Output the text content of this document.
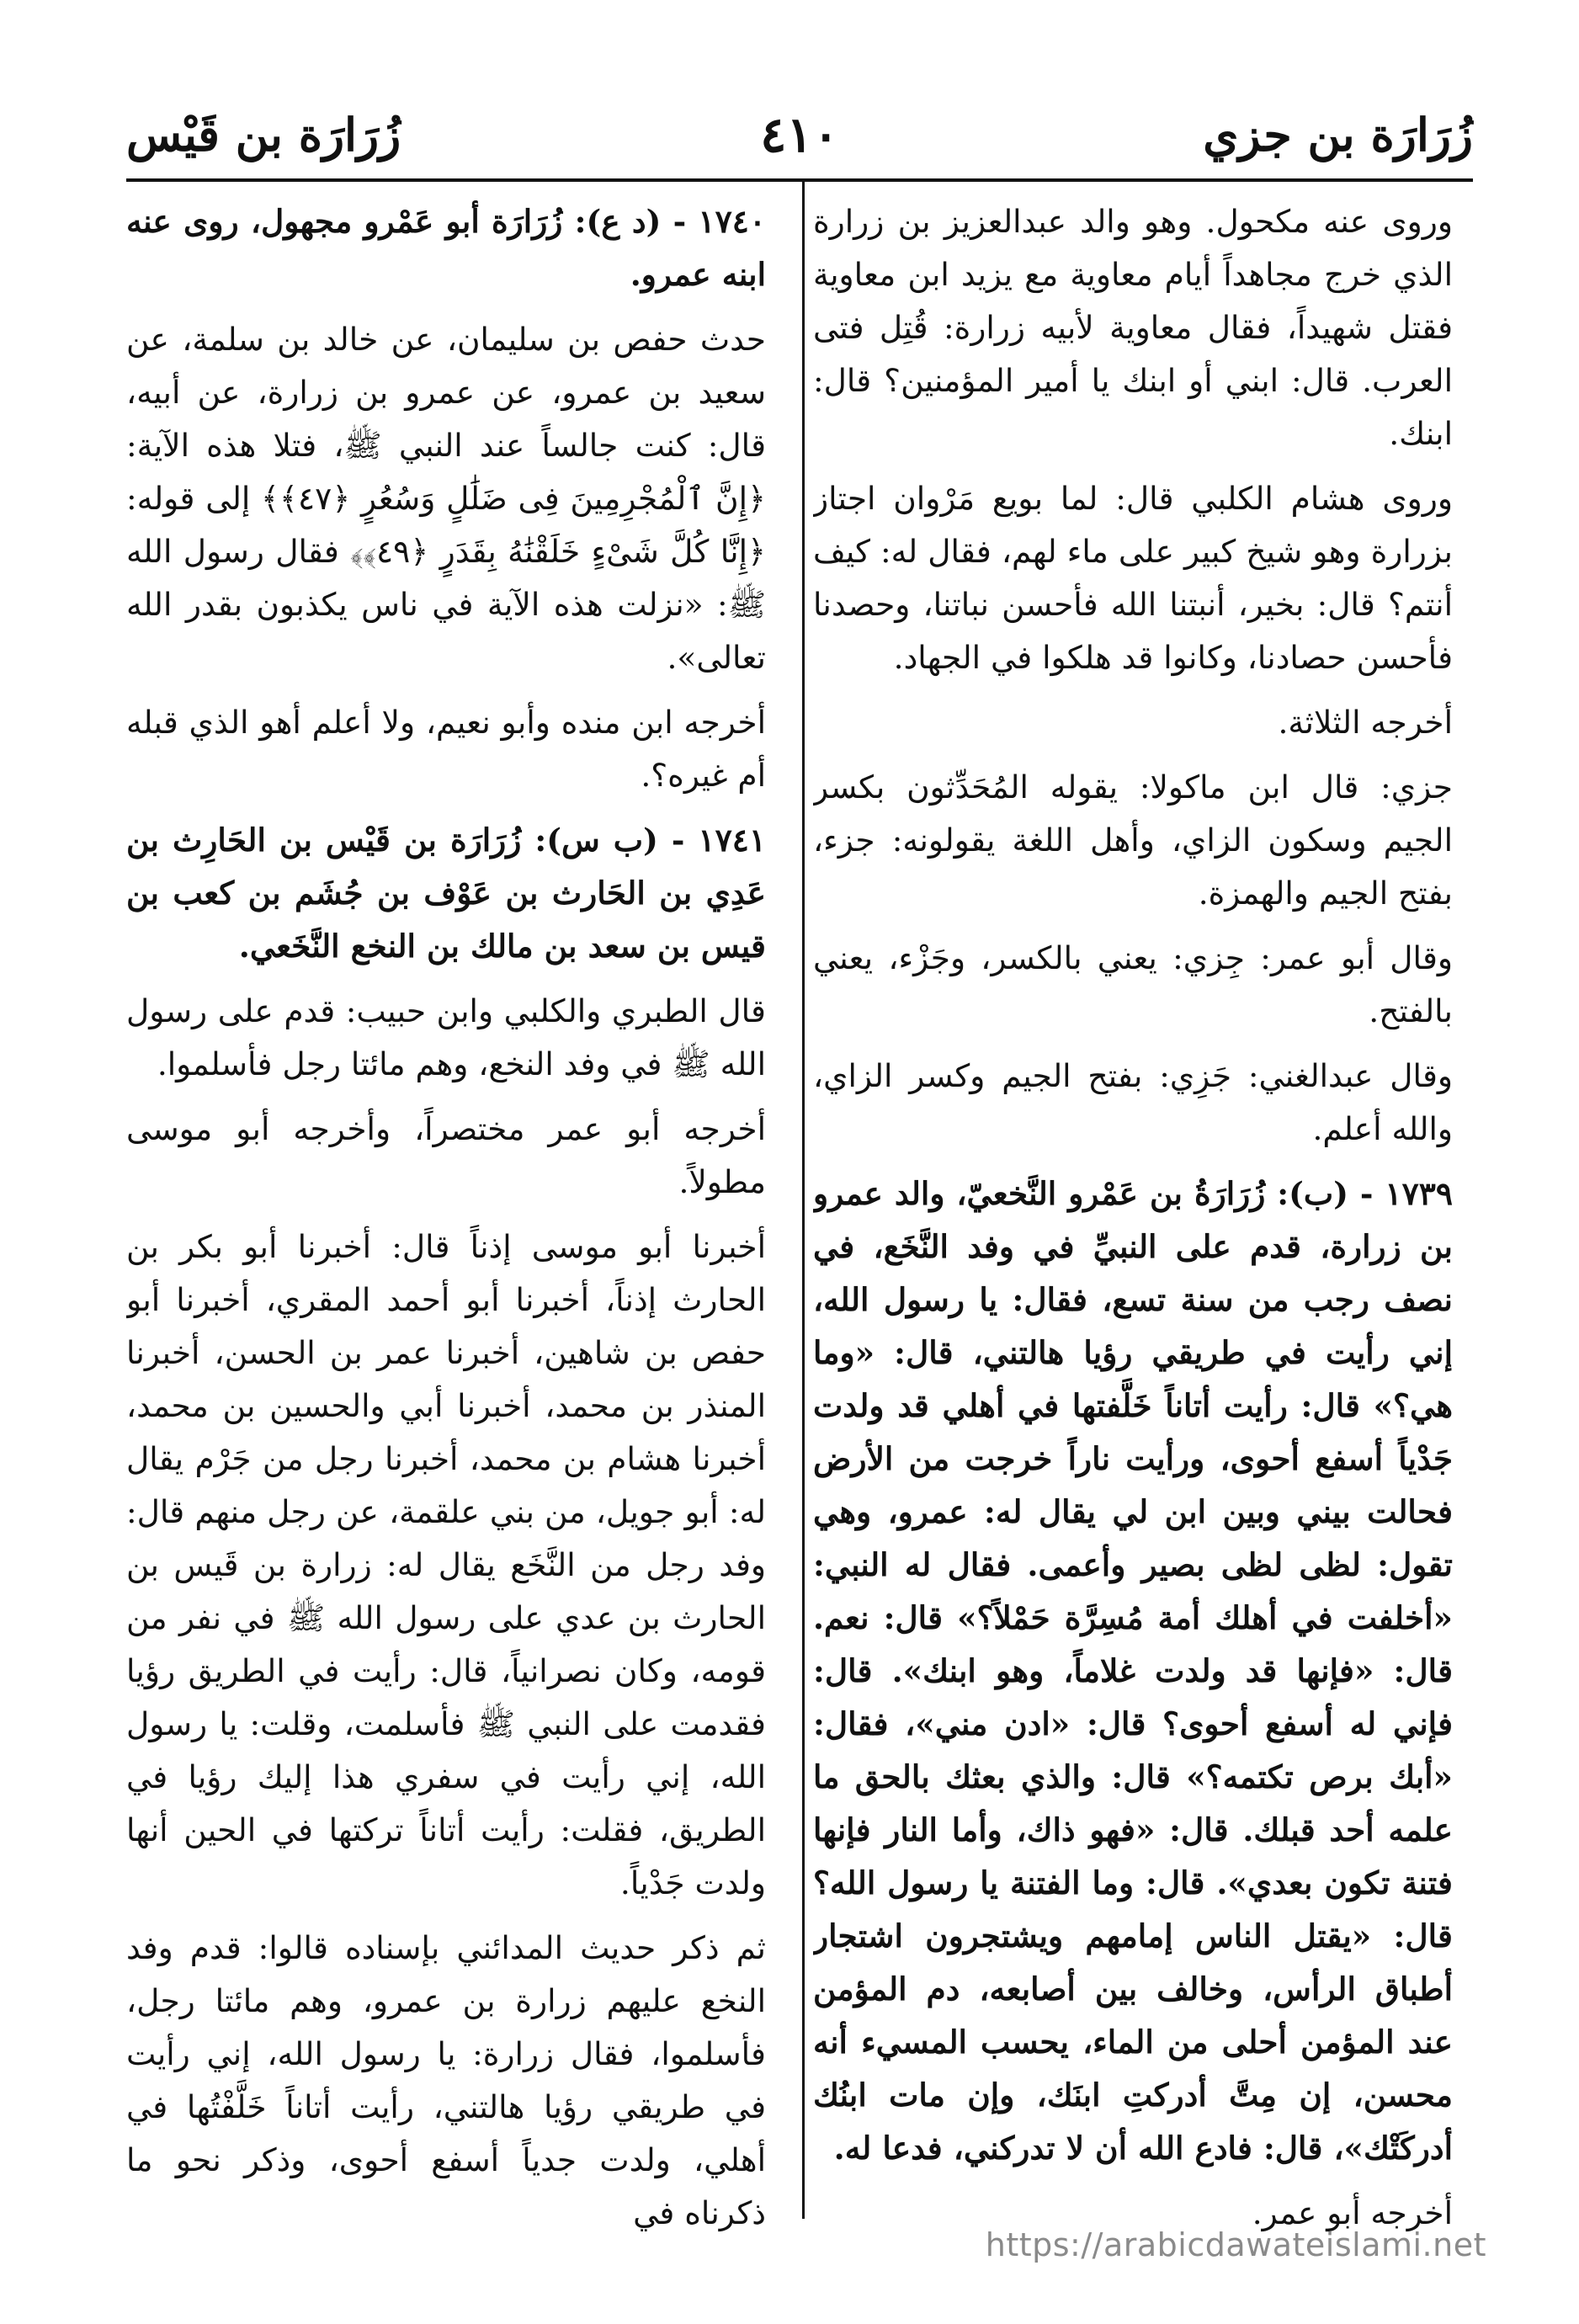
زُرَارَة بن جزي
٤١٠
زُرَارَة بن قَيْس

وروى عنه مكحول. وهو والد عبدالعزيز بن زرارة الذي خرج مجاهداً أيام معاوية مع يزيد ابن معاوية فقتل شهيداً، فقال معاوية لأبيه زرارة: قُتِل فتى العرب. قال: ابني أو ابنك يا أمير المؤمنين؟ قال: ابنك.

وروى هشام الكلبي قال: لما بويع مَرْوان اجتاز بزرارة وهو شيخ كبير على ماء لهم، فقال له: كيف أنتم؟ قال: بخير، أنبتنا الله فأحسن نباتنا، وحصدنا فأحسن حصادنا، وكانوا قد هلكوا في الجهاد.

أخرجه الثلاثة.

جزي: قال ابن ماكولا: يقوله المُحَدِّثون بكسر الجيم وسكون الزاي، وأهل اللغة يقولونه: جزء، بفتح الجيم والهمزة.

وقال أبو عمر: جِزي: يعني بالكسر، وجَزْء، يعني بالفتح.

وقال عبدالغني: جَزِي: بفتح الجيم وكسر الزاي، والله أعلم.

١٧٣٩ - (ب): زُرَارَةُ بن عَمْرو النَّخعيّ، والد عمرو بن زرارة، قدم على النبيِّ في وفد النَّخَع، في نصف رجب من سنة تسع، فقال: يا رسول الله، إني رأيت في طريقي رؤيا هالتني، قال: «وما هي؟» قال: رأيت أتاناً خَلَّفتها في أهلي قد ولدت جَدْياً أسفع أحوى، ورأيت ناراً خرجت من الأرض فحالت بيني وبين ابن لي يقال له: عمرو، وهي تقول: لظى لظى بصير وأعمى. فقال له النبي: «أخلفت في أهلك أمة مُسِرَّة حَمْلاً؟» قال: نعم. قال: «فإنها قد ولدت غلاماً، وهو ابنك». قال: فإني له أسفع أحوى؟ قال: «ادن مني»، فقال: «أبك برص تكتمه؟» قال: والذي بعثك بالحق ما علمه أحد قبلك. قال: «فهو ذاك، وأما النار فإنها فتنة تكون بعدي». قال: وما الفتنة يا رسول الله؟ قال: «يقتل الناس إمامهم ويشتجرون اشتجار أطباق الرأس، وخالف بين أصابعه، دم المؤمن عند المؤمن أحلى من الماء، يحسب المسيء أنه محسن، إن مِتَّ أدركتِ ابنَك، وإن مات ابنُك أدركَتْك»، قال: فادع الله أن لا تدركني، فدعا له.

أخرجه أبو عمر.

١٧٤٠ - (د ع): زُرَارَة أبو عَمْرو مجهول، روى عنه ابنه عمرو.

حدث حفص بن سليمان، عن خالد بن سلمة، عن سعيد بن عمرو، عن عمرو بن زرارة، عن أبيه، قال: كنت جالساً عند النبي ﷺ، فتلا هذه الآية: ﴿إِنَّ ٱلْمُجْرِمِينَ فِى ضَلَٰلٍ وَسُعُرٍ ﴿٤٧﴾﴾ إلى قوله: ﴿إِنَّا كُلَّ شَىْءٍ خَلَقْنَٰهُ بِقَدَرٍ ﴿٤٩﴾﴾ فقال رسول الله ﷺ: «نزلت هذه الآية في ناس يكذبون بقدر الله تعالى».

أخرجه ابن منده وأبو نعيم، ولا أعلم أهو الذي قبله أم غيره؟.

١٧٤١ - (ب س): زُرَارَة بن قَيْس بن الحَارِث بن عَدِي بن الحَارث بن عَوْف بن جُشَم بن كعب بن قيس بن سعد بن مالك بن النخع النَّخَعي.

قال الطبري والكلبي وابن حبيب: قدم على رسول الله ﷺ في وفد النخع، وهم مائتا رجل فأسلموا.

أخرجه أبو عمر مختصراً، وأخرجه أبو موسى مطولاً.

أخبرنا أبو موسى إذناً قال: أخبرنا أبو بكر بن الحارث إذناً، أخبرنا أبو أحمد المقري، أخبرنا أبو حفص بن شاهين، أخبرنا عمر بن الحسن، أخبرنا المنذر بن محمد، أخبرنا أبي والحسين بن محمد، أخبرنا هشام بن محمد، أخبرنا رجل من جَرْم يقال له: أبو جويل، من بني علقمة، عن رجل منهم قال: وفد رجل من النَّخَع يقال له: زرارة بن قَيس بن الحارث بن عدي على رسول الله ﷺ في نفر من قومه، وكان نصرانياً، قال: رأيت في الطريق رؤيا فقدمت على النبي ﷺ فأسلمت، وقلت: يا رسول الله، إني رأيت في سفري هذا إليك رؤيا في الطريق، فقلت: رأيت أتاناً تركتها في الحين أنها ولدت جَدْياً.

ثم ذكر حديث المدائني بإسناده قالوا: قدم وفد النخع عليهم زرارة بن عمرو، وهم مائتا رجل، فأسلموا، فقال زرارة: يا رسول الله، إني رأيت في طريقي رؤيا هالتني، رأيت أتاناً خَلَّفْتُها في أهلي، ولدت جدياً أسفع أحوى، وذكر نحو ما ذكرناه في

https://arabicdawateislami.net
